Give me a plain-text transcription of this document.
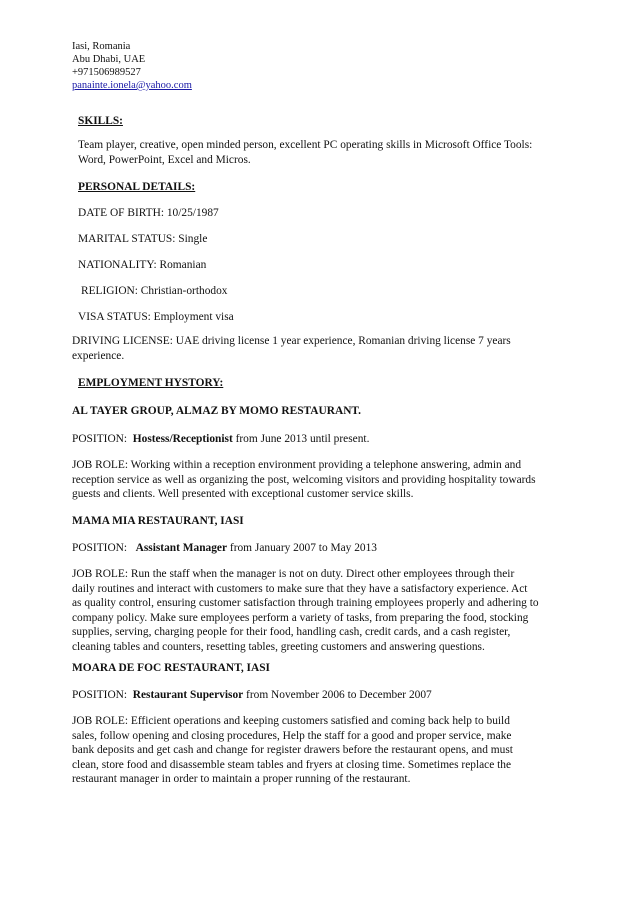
Iasi, Romania
Abu Dhabi, UAE
+971506989527
panainte.ionela@yahoo.com
SKILLS:
Team player, creative, open minded person, excellent PC operating skills in Microsoft Office Tools:
Word, PowerPoint, Excel and Micros.
PERSONAL DETAILS:
DATE OF BIRTH: 10/25/1987
MARITAL STATUS: Single
NATIONALITY: Romanian
RELIGION: Christian-orthodox
VISA STATUS: Employment visa
DRIVING LICENSE: UAE driving license 1 year experience, Romanian driving license 7 years
experience.
EMPLOYMENT HYSTORY:
AL TAYER GROUP, ALMAZ BY MOMO RESTAURANT.
POSITION:  Hostess/Receptionist from June 2013 until present.
JOB ROLE: Working within a reception environment providing a telephone answering, admin and
reception service as well as organizing the post, welcoming visitors and providing hospitality towards
guests and clients. Well presented with exceptional customer service skills.
MAMA MIA RESTAURANT, IASI
POSITION:   Assistant Manager from January 2007 to May 2013
JOB ROLE: Run the staff when the manager is not on duty. Direct other employees through their
daily routines and interact with customers to make sure that they have a satisfactory experience. Act
as quality control, ensuring customer satisfaction through training employees properly and adhering to
company policy. Make sure employees perform a variety of tasks, from preparing the food, stocking
supplies, serving, charging people for their food, handling cash, credit cards, and a cash register,
cleaning tables and counters, resetting tables, greeting customers and answering questions.
MOARA DE FOC RESTAURANT, IASI
POSITION:  Restaurant Supervisor from November 2006 to December 2007
JOB ROLE: Efficient operations and keeping customers satisfied and coming back help to build
sales, follow opening and closing procedures, Help the staff for a good and proper service, make
bank deposits and get cash and change for register drawers before the restaurant opens, and must
clean, store food and disassemble steam tables and fryers at closing time. Sometimes replace the
restaurant manager in order to maintain a proper running of the restaurant.
